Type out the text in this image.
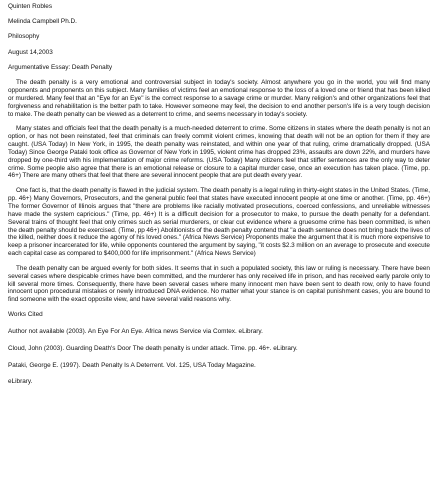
Quinten Robles

Melinda Campbell Ph.D.

Philosophy

August 14,2003

Argumentative Essay: Death Penalty

The death penalty is a very emotional and controversial subject in today's society. Almost anywhere you go in the world, you will find many opponents and proponents on this subject. Many families of victims feel an emotional response to the loss of a loved one or friend that has been killed or murdered. Many feel that an "Eye for an Eye" is the correct response to a savage crime or murder. Many religion's and other organizations feel that forgiveness and rehabilitation is the better path to take. However someone may feel, the decision to end another person's life is a very tough decision to make. The death penalty can be viewed as a deterrent to crime, and seems necessary in today's society.

Many states and officials feel that the death penalty is a much-needed deterrent to crime. Some citizens in states where the death penalty is not an option, or has not been reinstated, feel that criminals can freely commit violent crimes, knowing that death will not be an option for them if they are caught. (USA Today) In New York, in 1995, the death penalty was reinstated, and within one year of that ruling, crime dramatically dropped. (USA Today) Since George Pataki took office as Governor of New York in 1995, violent crime has dropped 23%, assaults are down 22%, and murders have dropped by one-third with his implementation of major crime reforms. (USA Today) Many citizens feel that stiffer sentences are the only way to deter crime. Some people also agree that there is an emotional release or closure to a capital murder case, once an execution has taken place. (Time, pp. 46+) There are many others that feel that there are several innocent people that are put death every year.

One fact is, that the death penalty is flawed in the judicial system. The death penalty is a legal ruling in thirty-eight states in the United States. (Time, pp. 46+) Many Governors, Prosecutors, and the general public feel that states have executed innocent people at one time or another. (Time, pp. 46+) The former Governor of Illinois argues that "there are problems like racially motivated prosecutions, coerced confessions, and unreliable witnesses have made the system capricious." (Time, pp. 46+) It is a difficult decision for a prosecutor to make, to pursue the death penalty for a defendant. Several trains of thought feel that only crimes such as serial murderers, or clear cut evidence where a gruesome crime has been committed, is when the death penalty should be exercised. (Time, pp 46+) Abolitionists of the death penalty contend that "a death sentence does not bring back the lives of the killed, neither does it reduce the agony of his loved ones." (Africa News Service) Proponents make the argument that it is much more expensive to keep a prisoner incarcerated for life, while opponents countered the argument by saying, "it costs $2.3 million on an average to prosecute and execute each capital case as compared to $400,000 for life imprisonment." (Africa News Service)

The death penalty can be argued evenly for both sides. It seems that in such a populated society, this law or ruling is necessary. There have been several cases where despicable crimes have been committed, and the murderer has only received life in prison, and has received early parole only to kill several more times. Consequently, there have been several cases where many innocent men have been sent to death row, only to have found innocent upon procedural mistakes or newly introduced DNA evidence. No matter what your stance is on capital punishment cases, you are bound to find someone with the exact opposite view, and have several valid reasons why.

Works Cited

Author not available (2003). An Eye For An Eye. Africa news Service via Comtex. eLibrary.

Cloud, John (2003). Guarding Death's Door The death penalty is under attack. Time. pp. 46+. eLibrary.

Pataki, George E. (1997). Death Penalty Is A Deterrent. Vol. 125, USA Today Magazine.

eLibrary.
